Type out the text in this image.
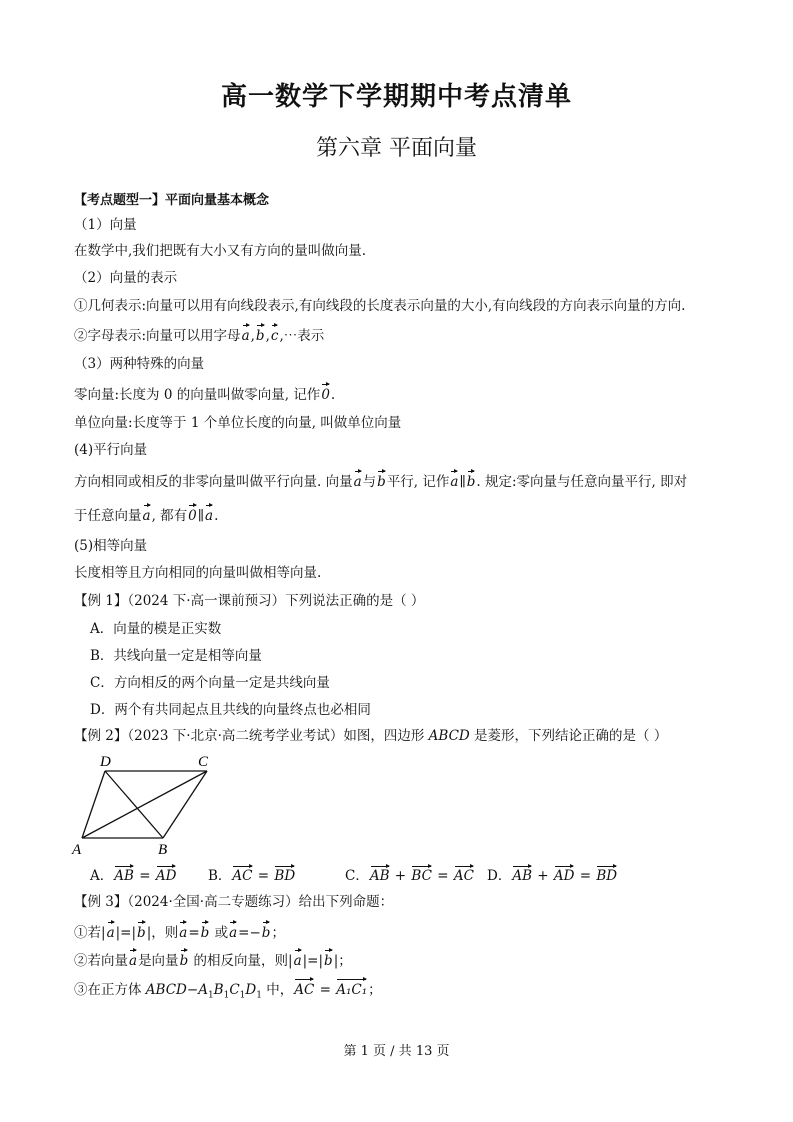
高一数学下学期期中考点清单
第六章 平面向量
【考点题型一】平面向量基本概念
（1）向量
在数学中,我们把既有大小又有方向的量叫做向量.
（2）向量的表示
①几何表示:向量可以用有向线段表示,有向线段的长度表示向量的大小,有向线段的方向表示向量的方向.
②字母表示:向量可以用字母a,b,c,⋯表示
（3）两种特殊的向量
零向量:长度为 0 的向量叫做零向量, 记作0.
单位向量:长度等于 1 个单位长度的向量, 叫做单位向量
(4)平行向量
方向相同或相反的非零向量叫做平行向量. 向量a与b平行, 记作a∥b. 规定:零向量与任意向量平行, 即对
于任意向量a, 都有0∥a.
(5)相等向量
长度相等且方向相同的向量叫做相等向量.
【例 1】（2024 下·高一课前预习）下列说法正确的是（ ）
A．向量的模是正实数
B．共线向量一定是相等向量
C．方向相反的两个向量一定是共线向量
D．两个有共同起点且共线的向量终点也必相同
【例 2】（2023 下·北京·高二统考学业考试）如图，四边形 ABCD 是菱形，下列结论正确的是（ ）
【例 3】（2024·全国·高二专题练习）给出下列命题：
①若|a|=|b|，则a=b 或a=−b；
②若向量a是向量b 的相反向量，则|a|=|b|；
③在正方体 $ABCD-A_1B_1C_1D_1$ 中，AC = A₁C₁；
A	B
C
D
A．AB = AD B．AC = BD	C．AB + BC = AC D．AB + AD = BD
第 1 页 / 共 13 页
